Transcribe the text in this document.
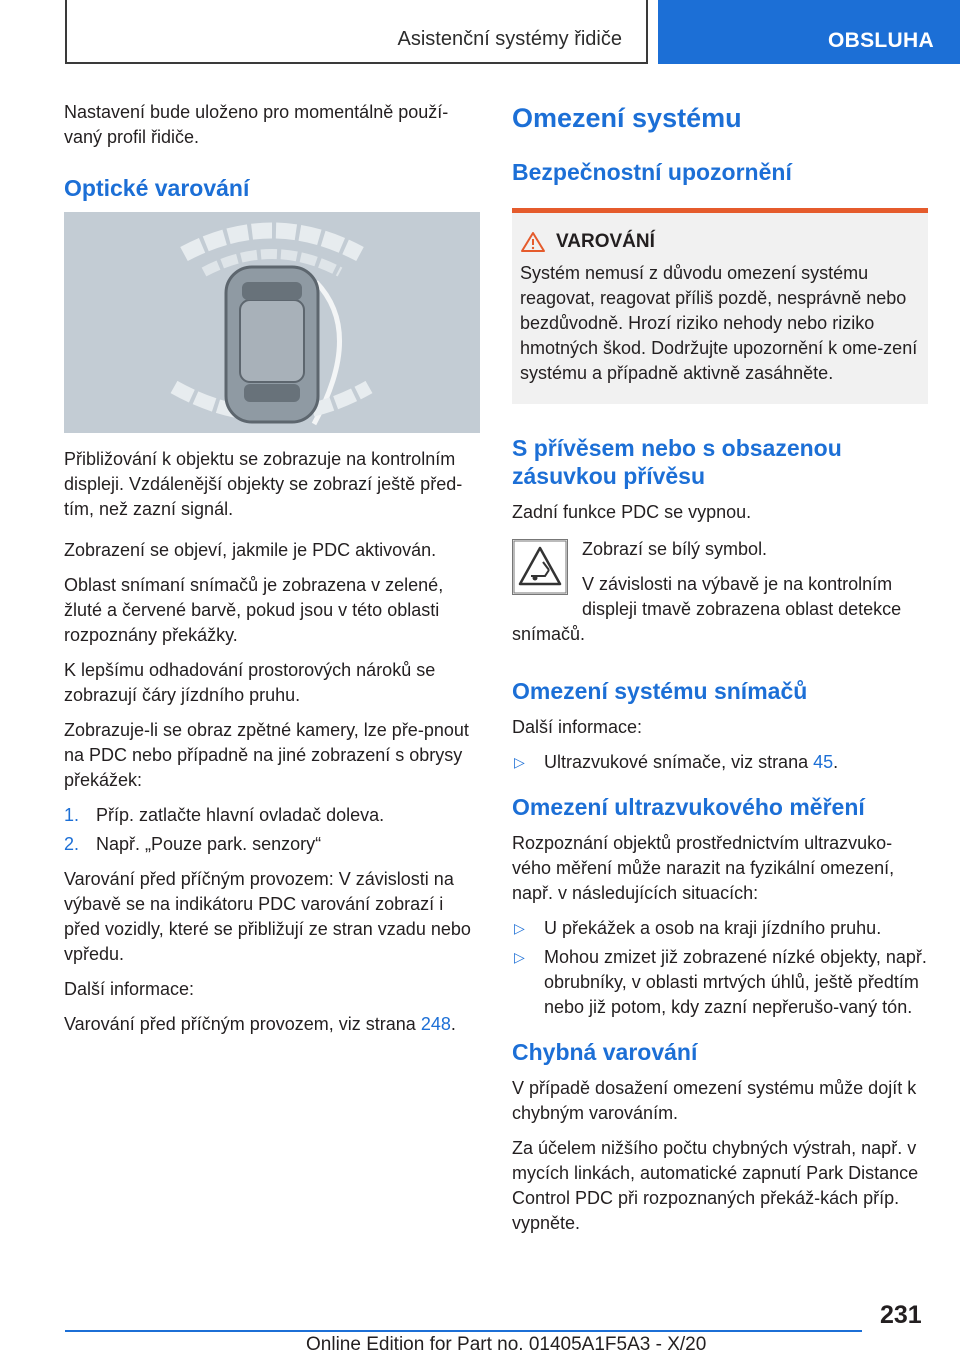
Asistenční systémy řidiče	OBSLUHA

Nastavení bude uloženo pro momentálně použí‐vaný profil řidiče.

Optické varování

Přibližování k objektu se zobrazuje na kontrolním displeji. Vzdálenější objekty se zobrazí ještě před‐tím, než zazní signál.

Zobrazení se objeví, jakmile je PDC aktivován.

Oblast snímaní snímačů je zobrazena v zelené, žluté a červené barvě, pokud jsou v této oblasti rozpoznány překážky.

K lepšímu odhadování prostorových nároků se zobrazují čáry jízdního pruhu.

Zobrazuje-li se obraz zpětné kamery, lze pře‐pnout na PDC nebo případně na jiné zobrazení s obrysy překážek:

1. Příp. zatlačte hlavní ovladač doleva.
2. Např. „Pouze park. senzory“

Varování před příčným provozem: V závislosti na výbavě se na indikátoru PDC varování zobrazí i před vozidly, které se přibližují ze stran vzadu nebo vpředu.

Další informace:

Varování před příčným provozem, viz strana 248.

Omezení systému
Bezpečnostní upozornění
VAROVÁNÍ

Systém nemusí z důvodu omezení systému reagovat, reagovat příliš pozdě, nesprávně nebo bezdůvodně. Hrozí riziko nehody nebo riziko hmotných škod. Dodržujte upozornění k ome‐zení systému a případně aktivně zasáhněte.

S přívěsem nebo s obsazenou zásuvkou přívěsu

Zadní funkce PDC se vypnou.

Zobrazí se bílý symbol.

V závislosti na výbavě je na kontrolním displeji tmavě zobrazena oblast detekce snímačů.

Omezení systému snímačů

Další informace:

▷	Ultrazvukové snímače, viz strana 45.
Omezení ultrazvukového měření

Rozpoznání objektů prostřednictvím ultrazvuko‐vého měření může narazit na fyzikální omezení, např. v následujících situacích:

▷	U překážek a osob na kraji jízdního pruhu.
▷	Mohou zmizet již zobrazené nízké objekty, např. obrubníky, v oblasti mrtvých úhlů, ještě předtím nebo již potom, kdy zazní nepřerušo‐vaný tón.
Chybná varování

V případě dosažení omezení systému může dojít k chybným varováním.

Za účelem nižšího počtu chybných výstrah, např. v mycích linkách, automatické zapnutí Park Distance Control PDC při rozpoznaných překáž‐kách příp. vypněte.

231
Online Edition for Part no. 01405A1F5A3 - X/20
